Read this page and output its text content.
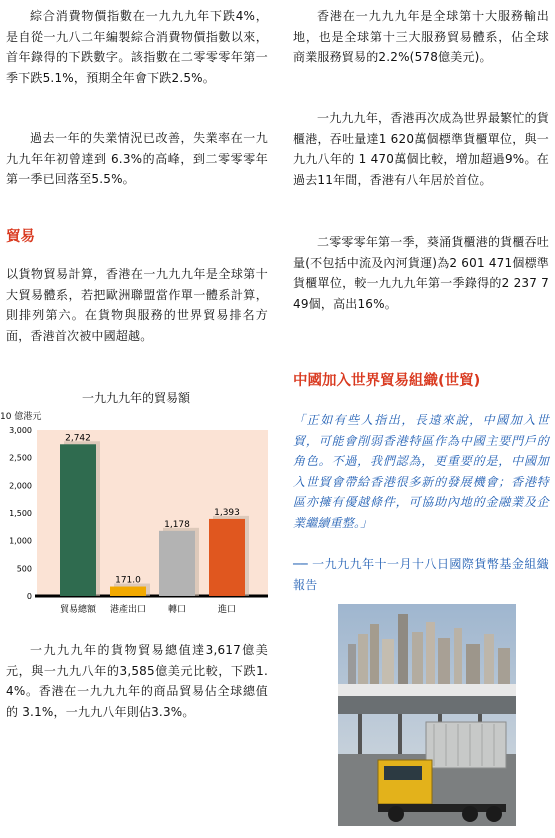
綜合消費物價指數在一九九九年下跌4%，是自從一九八二年編製綜合消費物價指數以來，首年錄得的下跌數字。該指數在二零零零年第一季下跌5.1%，預期全年會下跌2.5%。

過去一年的失業情況已改善，失業率在一九九九年年初曾達到 6.3%的高峰，到二零零零年第一季已回落至5.5%。

貿易

以貨物貿易計算，香港在一九九九年是全球第十大貿易體系，若把歐洲聯盟當作單一體系計算，則排列第六。在貨物與服務的世界貿易排名方面，香港首次被中國超越。

一九九九年的貨物貿易總值達3,617億美元，與一九九八年的3,585億美元比較，下跌1.4%。香港在一九九九年的商品貿易佔全球總值的 3.1%，一九九八年則佔3.3%。

一九九九年的貿易額
10 億港元
0
500
1,000
1,500
2,000
2,500
3,000
2,742
貿易總額
171.0
港產出口
1,178
轉口
1,393
進口

香港在一九九九年是全球第十大服務輸出地，也是全球第十三大服務貿易體系，佔全球商業服務貿易的2.2%(578億美元)。

一九九九年，香港再次成為世界最繁忙的貨櫃港，吞吐量達1 620萬個標準貨櫃單位，與一九九八年的 1 470萬個比較，增加超過9%。在過去11年間，香港有八年居於首位。

二零零零年第一季，葵涌貨櫃港的貨櫃吞吐量(不包括中流及內河貨運)為2 601 471個標準貨櫃單位，較一九九九年第一季錄得的2 237 749個，高出16%。

中國加入世界貿易組織(世貿)

「正如有些人指出，長遠來說，中國加入世貿，可能會削弱香港特區作為中國主要門戶的角色。不過，我們認為，更重要的是，中國加入世貿會帶給香港很多新的發展機會；香港特區亦擁有優越條件，可協助內地的金融業及企業繼續重整。」

── 一九九九年十一月十八日國際貨幣基金組織報告
